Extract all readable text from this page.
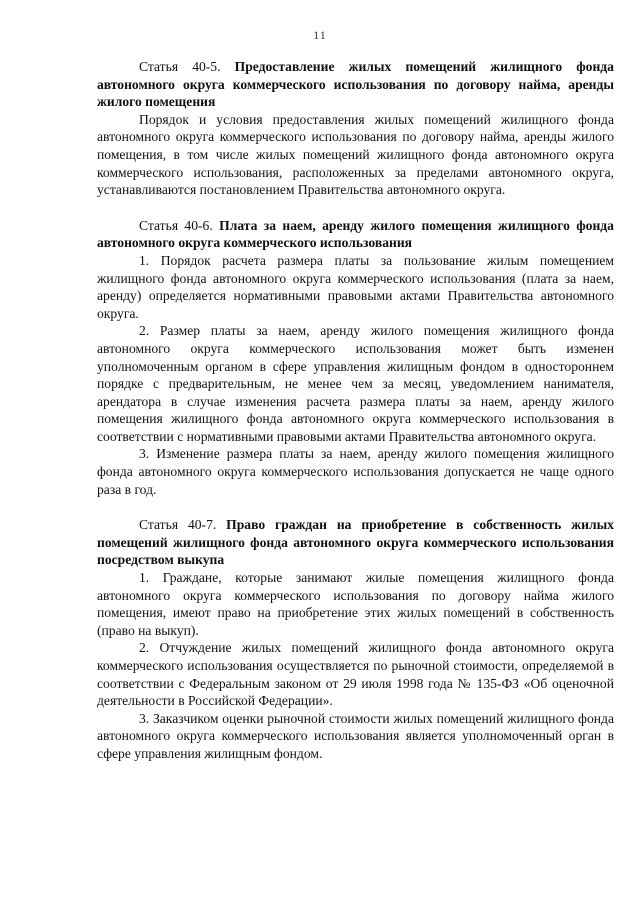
11

Статья 40-5. Предоставление жилых помещений жилищного фонда автономного округа коммерческого использования по договору найма, аренды жилого помещения

Порядок и условия предоставления жилых помещений жилищного фонда автономного округа коммерческого использования по договору найма, аренды жилого помещения, в том числе жилых помещений жилищного фонда автономного округа коммерческого использования, расположенных за пределами автономного округа, устанавливаются постановлением Правительства автономного округа.

Статья 40-6. Плата за наем, аренду жилого помещения жилищного фонда автономного округа коммерческого использования

1. Порядок расчета размера платы за пользование жилым помещением жилищного фонда автономного округа коммерческого использования (плата за наем, аренду) определяется нормативными правовыми актами Правительства автономного округа.

2. Размер платы за наем, аренду жилого помещения жилищного фонда автономного округа коммерческого использования может быть изменен уполномоченным органом в сфере управления жилищным фондом в одностороннем порядке с предварительным, не менее чем за месяц, уведомлением нанимателя, арендатора в случае изменения расчета размера платы за наем, аренду жилого помещения жилищного фонда автономного округа коммерческого использования в соответствии с нормативными правовыми актами Правительства автономного округа.

3. Изменение размера платы за наем, аренду жилого помещения жилищного фонда автономного округа коммерческого использования допускается не чаще одного раза в год.

Статья 40-7. Право граждан на приобретение в собственность жилых помещений жилищного фонда автономного округа коммерческого использования посредством выкупа

1. Граждане, которые занимают жилые помещения жилищного фонда автономного округа коммерческого использования по договору найма жилого помещения, имеют право на приобретение этих жилых помещений в собственность (право на выкуп).

2. Отчуждение жилых помещений жилищного фонда автономного округа коммерческого использования осуществляется по рыночной стоимости, определяемой в соответствии с Федеральным законом от 29 июля 1998 года № 135-ФЗ «Об оценочной деятельности в Российской Федерации».

3. Заказчиком оценки рыночной стоимости жилых помещений жилищного фонда автономного округа коммерческого использования является уполномоченный орган в сфере управления жилищным фондом.
